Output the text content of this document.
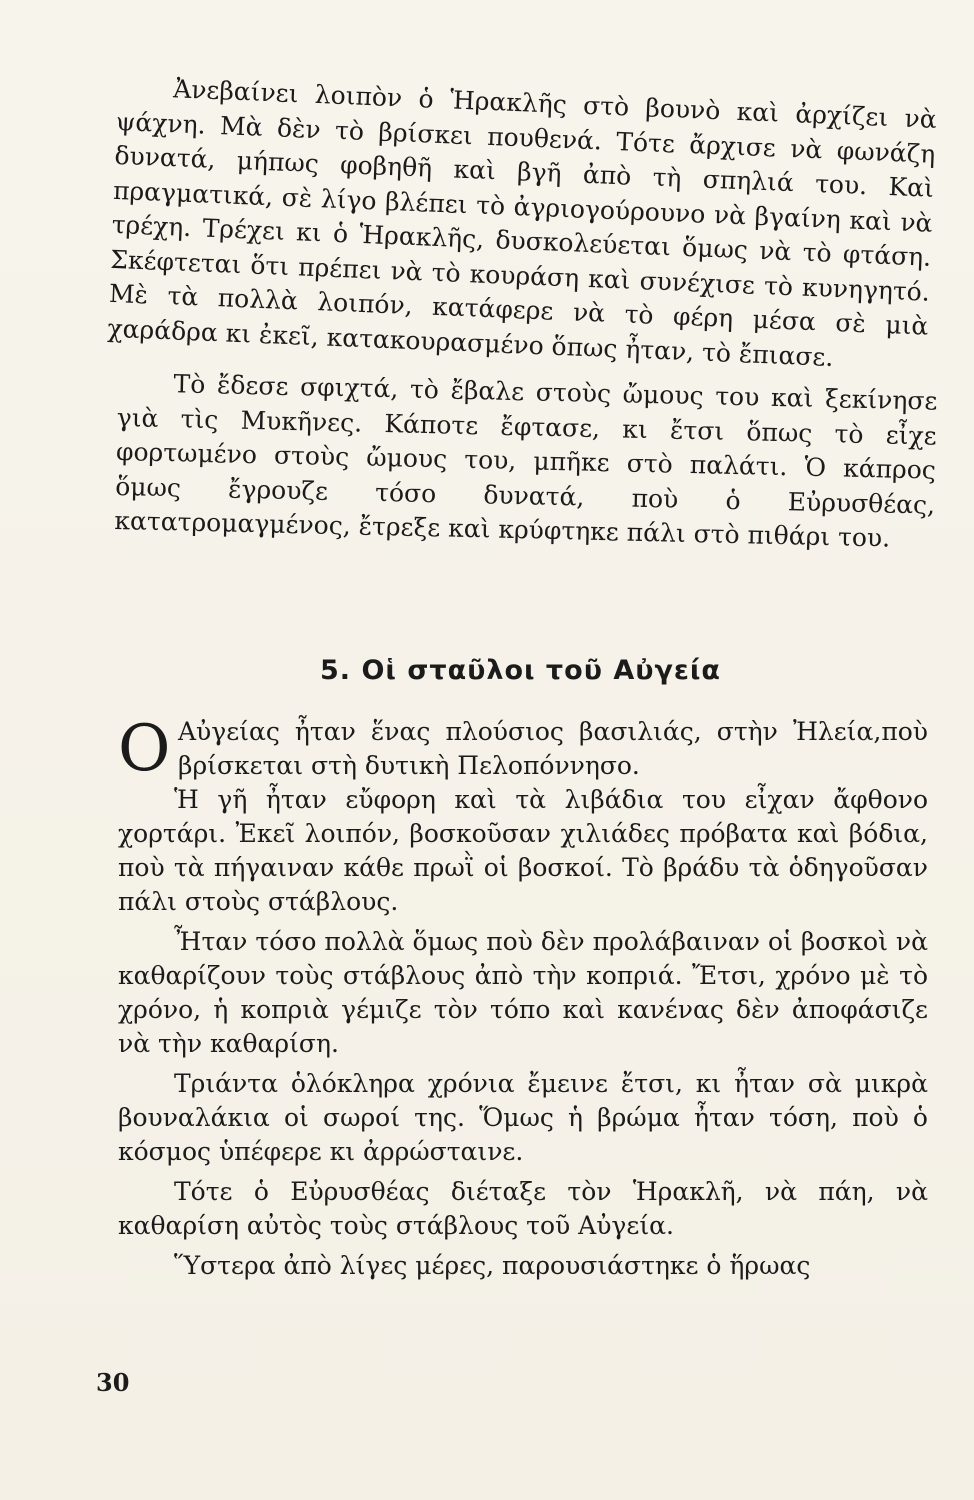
Ἀνεβαίνει λοιπὸν ὁ Ἡρακλῆς στὸ βουνὸ καὶ ἀρχίζει νὰ ψάχνη. Μὰ δὲν τὸ βρίσκει πουθενά. Τότε ἄρχισε νὰ φωνάζη δυνατά, μήπως φοβηθῆ καὶ βγῆ ἀπὸ τὴ σπηλιά του. Καὶ πραγματικά, σὲ λίγο βλέπει τὸ ἀγριογούρουνο νὰ βγαίνη καὶ νὰ τρέχη. Τρέχει κι ὁ Ἡρακλῆς, δυσκολεύεται ὅμως νὰ τὸ φτάση. Σκέφτεται ὅτι πρέπει νὰ τὸ κουράση καὶ συνέχισε τὸ κυνηγητό. Μὲ τὰ πολλὰ λοιπόν, κατάφερε νὰ τὸ φέρη μέσα σὲ μιὰ χαράδρα κι ἐκεῖ, κατακουρασμένο ὅπως ἦταν, τὸ ἔπιασε.

Τὸ ἔδεσε σφιχτά, τὸ ἔβαλε στοὺς ὤμους του καὶ ξεκίνησε γιὰ τὶς Μυκῆνες. Κάποτε ἔφτασε, κι ἔτσι ὅπως τὸ εἶχε φορτωμένο στοὺς ὤμους του, μπῆκε στὸ παλάτι. Ὁ κάπρος ὅμως ἔγρουζε τόσο δυνατά, ποὺ ὁ Εὐρυσθέας, κατατρομαγμένος, ἔτρεξε καὶ κρύφτηκε πάλι στὸ πιθάρι του.

5. Οἱ σταῦλοι τοῦ Αὐγεία
Ο Αὐγείας ἦταν ἕνας πλούσιος βασιλιάς, στὴν Ἠλεία,ποὺ βρίσκεται στὴ δυτικὴ Πελοπόννησο.

Ἡ γῆ ἦταν εὔφορη καὶ τὰ λιβάδια του εἶχαν ἄφθονο χορτάρι. Ἐκεῖ λοιπόν, βοσκοῦσαν χιλιάδες πρόβατα καὶ βόδια, ποὺ τὰ πήγαιναν κάθε πρωῒ οἱ βοσκοί. Τὸ βράδυ τὰ ὁδηγοῦσαν πάλι στοὺς στάβλους.

Ἦταν τόσο πολλὰ ὅμως ποὺ δὲν προλάβαιναν οἱ βοσκοὶ νὰ καθαρίζουν τοὺς στάβλους ἀπὸ τὴν κοπριά. Ἔτσι, χρόνο μὲ τὸ χρόνο, ἡ κοπριὰ γέμιζε τὸν τόπο καὶ κανένας δὲν ἀποφάσιζε νὰ τὴν καθαρίση.

Τριάντα ὁλόκληρα χρόνια ἔμεινε ἔτσι, κι ἦταν σὰ μικρὰ βουναλάκια οἱ σωροί της. Ὅμως ἡ βρώμα ἦταν τόση, ποὺ ὁ κόσμος ὑπέφερε κι ἀρρώσταινε.

Τότε ὁ Εὐρυσθέας διέταξε τὸν Ἡρακλῆ, νὰ πάη, νὰ καθαρίση αὐτὸς τοὺς στάβλους τοῦ Αὐγεία.

Ὕστερα ἀπὸ λίγες μέρες, παρουσιάστηκε ὁ ἥρωας

30
